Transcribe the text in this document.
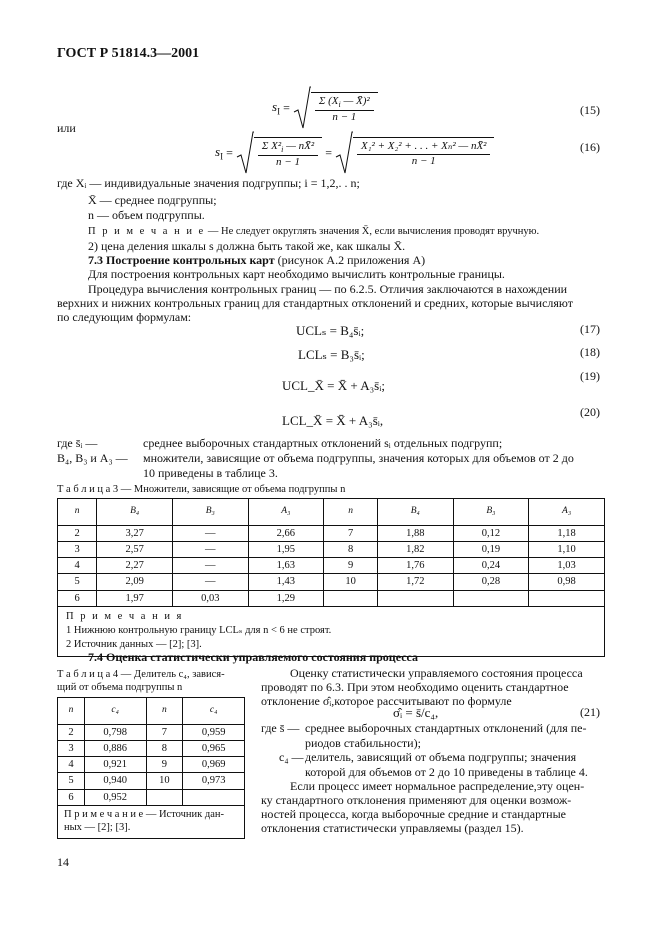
ГОСТ Р 51814.3—2001
$s_I = \frac{\Sigma (X_i — X̄̄)^2}{n - 1}$	(15)
или
$s_I = \frac{\Sigma X^2_i — nX̄̄^2}{n - 1} = \frac{\text{X₁² + X₂² + . . . + Xₙ² — nX̄̄²}}{n - 1}$	(16)
где Xᵢ — индивидуальные значения подгруппы; i = 1,2,. . n;
X̄ — среднее подгруппы;
n — объем подгруппы.
П р и м е ч а н и е — Не следует округлять значения X̄, если вычисления проводят вручную.
2) цена деления шкалы s должна быть такой же, как шкалы X̄.
7.3 Построение контрольных карт (рисунок А.2 приложения А)
Для построения контрольных карт необходимо вычислить контрольные границы.
Процедура вычисления контрольных границ — по 6.2.5. Отличия заключаются в нахождении
верхних и нижних контрольных границ для стандартных отклонений и средних, которые вычисляют
по следующим формулам:
UCLₛ = B₄s̄ᵢ;	(17)
LCLₛ = B₃s̄ᵢ;	(18)
UCL_X̄ = X̄̄ + A₃s̄ᵢ;
(19)
LCL_X̄ = X̄̄ + A₃s̄ᵢ,
(20)
где s̄ᵢ —	среднее выборочных стандартных отклонений sᵢ отдельных подгрупп;
B₄, B₃ и A₃ — множители, зависящие от объема подгруппы, значения которых для объемов от 2 до
10 приведены в таблице 3.
Т а б л и ц а 3 — Множители, зависящие от объема подгруппы n
n	B₄	B₃	A₃	n	B₄	B₃	A₃
2	3,27	—	2,66	7	1,88	0,12	1,18
3	2,57	—	1,95	8	1,82	0,19	1,10
4	2,27	—	1,63	9	1,76	0,24	1,03
5	2,09	—	1,43	10	1,72	0,28	0,98
6	1,97	0,03	1,29				

П р и м е ч а н и я
1 Нижнюю контрольную границу LCLₛ для n < 6 не строят.
2 Источник данных — [2]; [3].							
7.4 Оценка статистически управляемого состояния процесса
Т а б л и ц а 4 — Делитель c₄, завися-
щий от объема подгруппы n
n	c₄	n	c₄
2	0,798	7	0,959
3	0,886	8	0,965
4	0,921	9	0,969
5	0,940	10	0,973
6	0,952		

П р и м е ч а н и е — Источник дан-
ных — [2]; [3].			
Оценку статистически управляемого состояния процесса
проводят по 6.3. При этом необходимо оценить стандартное
отклонение σ̂ᵢ,которое рассчитывают по формуле
σ̂ᵢ = s̄/c₄,	(21)
где s̄ — среднее выборочных стандартных отклонений (для пе-
риодов стабильности);
c₄ —делитель, зависящий от объема подгруппы; значения
которой для объемов от 2 до 10 приведены в таблице 4.
Если процесс имеет нормальное распределение,эту оцен-
ку стандартного отклонения применяют для оценки возмож-
ностей процесса, когда выборочные средние и стандартные
отклонения статистически управляемы (раздел 15).
14
